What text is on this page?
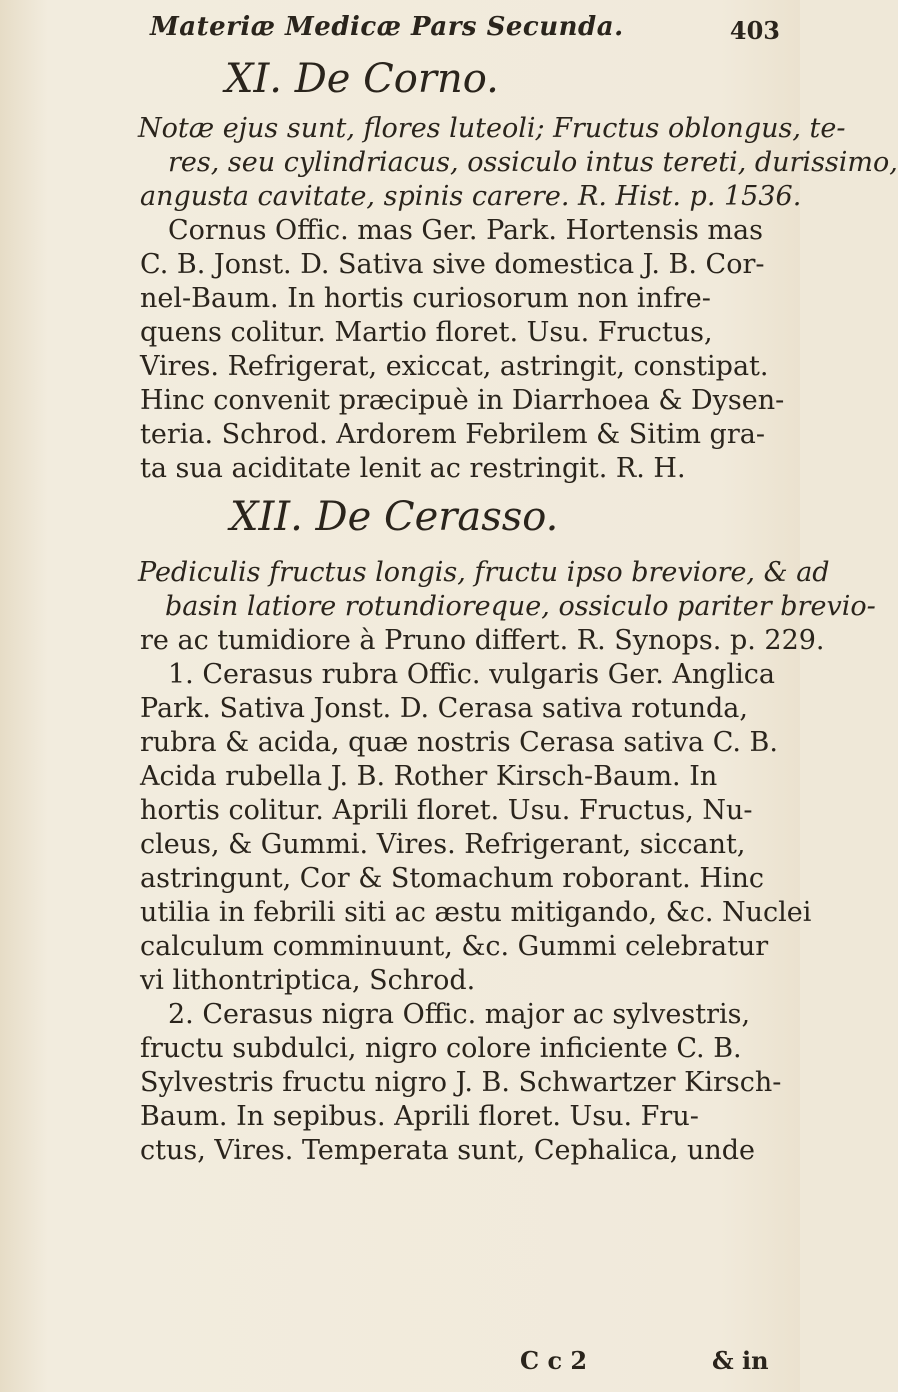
Materiæ Medicæ Pars Secunda.	403
XI. De Corno.
Notæ ejus sunt, flores luteoli; Fructus oblongus, te-
res, seu cylindriacus, ossiculo intus tereti, durissimo,
angusta cavitate, spinis carere. R. Hist. p. 1536.
Cornus Offic. mas Ger. Park. Hortensis mas
C. B. Jonst. D. Sativa sive domestica J. B. Cor-
nel-Baum. In hortis curiosorum non infre-
quens colitur. Martio floret. Usu. Fructus,
Vires. Refrigerat, exiccat, astringit, constipat.
Hinc convenit præcipuè in Diarrhoea & Dysen-
teria. Schrod. Ardorem Febrilem & Sitim gra-
ta sua aciditate lenit ac restringit. R. H.
XII. De Cerasso.
Pediculis fructus longis, fructu ipso breviore, & ad
basin latiore rotundioreque, ossiculo pariter brevio-
re ac tumidiore à Pruno differt. R. Synops. p. 229.
1. Cerasus rubra Offic. vulgaris Ger. Anglica
Park. Sativa Jonst. D. Cerasa sativa rotunda,
rubra & acida, quæ nostris Cerasa sativa C. B.
Acida rubella J. B. Rother Kirsch-Baum. In
hortis colitur. Aprili floret. Usu. Fructus, Nu-
cleus, & Gummi. Vires. Refrigerant, siccant,
astringunt, Cor & Stomachum roborant. Hinc
utilia in febrili siti ac æstu mitigando, &c. Nuclei
calculum comminuunt, &c. Gummi celebratur
vi lithontriptica, Schrod.
2. Cerasus nigra Offic. major ac sylvestris,
fructu subdulci, nigro colore inficiente C. B.
Sylvestris fructu nigro J. B. Schwartzer Kirsch-
Baum. In sepibus. Aprili floret. Usu. Fru-
ctus, Vires. Temperata sunt, Cephalica, unde
C c 2	& in
